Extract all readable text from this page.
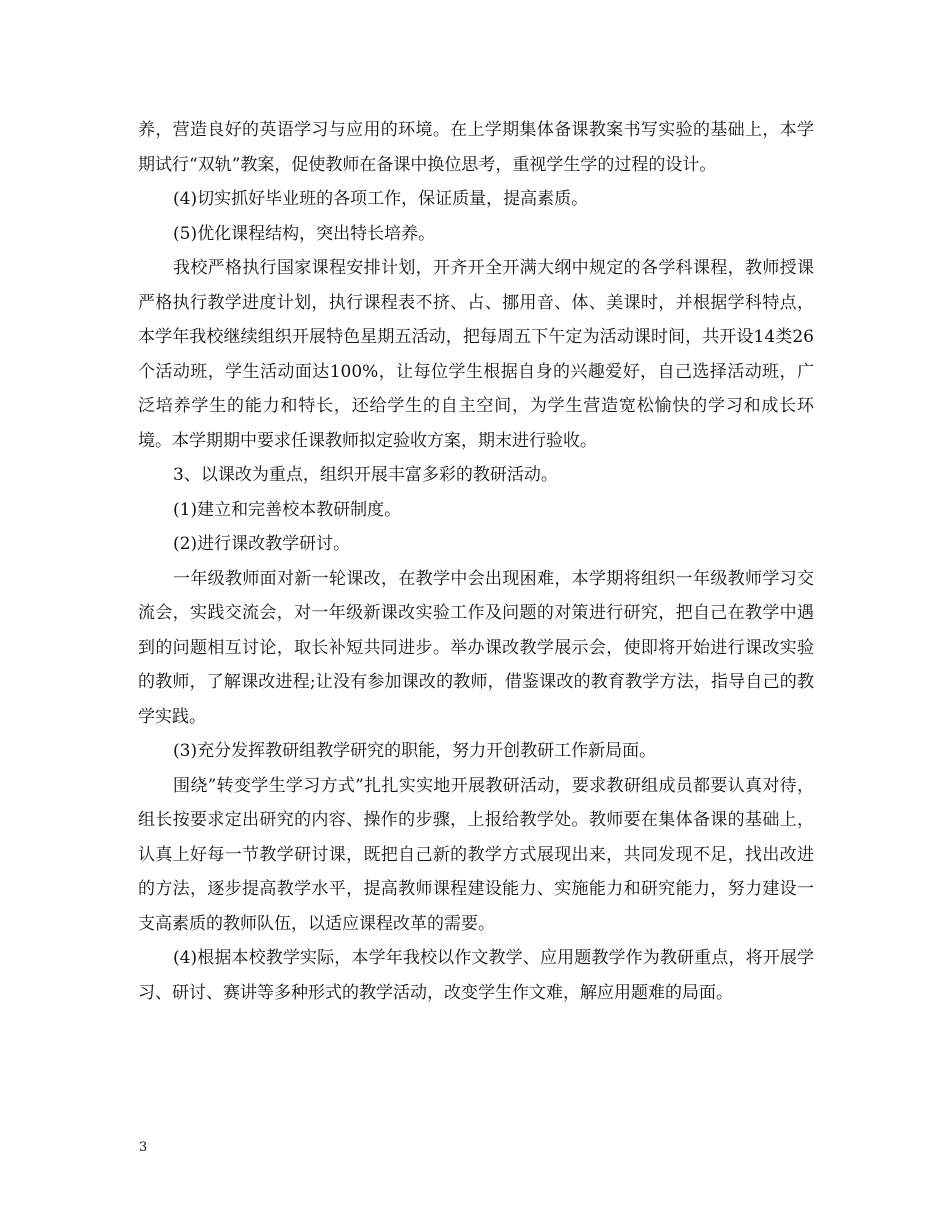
养，营造良好的英语学习与应用的环境。在上学期集体备课教案书写实验的基础上，本学期试行“双轨”教案，促使教师在备课中换位思考，重视学生学的过程的设计。

(4)切实抓好毕业班的各项工作，保证质量，提高素质。

(5)优化课程结构，突出特长培养。

我校严格执行国家课程安排计划，开齐开全开满大纲中规定的各学科课程，教师授课严格执行教学进度计划，执行课程表不挤、占、挪用音、体、美课时，并根据学科特点，本学年我校继续组织开展特色星期五活动，把每周五下午定为活动课时间，共开设14类26个活动班，学生活动面达100%，让每位学生根据自身的兴趣爱好，自己选择活动班，广泛培养学生的能力和特长，还给学生的自主空间，为学生营造宽松愉快的学习和成长环境。本学期期中要求任课教师拟定验收方案，期末进行验收。

3、以课改为重点，组织开展丰富多彩的教研活动。

(1)建立和完善校本教研制度。

(2)进行课改教学研讨。

一年级教师面对新一轮课改，在教学中会出现困难，本学期将组织一年级教师学习交流会，实践交流会，对一年级新课改实验工作及问题的对策进行研究，把自己在教学中遇到的问题相互讨论，取长补短共同进步。举办课改教学展示会，使即将开始进行课改实验的教师，了解课改进程;让没有参加课改的教师，借鉴课改的教育教学方法，指导自己的教学实践。

(3)充分发挥教研组教学研究的职能，努力开创教研工作新局面。

围绕”转变学生学习方式”扎扎实实地开展教研活动，要求教研组成员都要认真对待，组长按要求定出研究的内容、操作的步骤，上报给教学处。教师要在集体备课的基础上，认真上好每一节教学研讨课，既把自己新的教学方式展现出来，共同发现不足，找出改进的方法，逐步提高教学水平，提高教师课程建设能力、实施能力和研究能力，努力建设一支高素质的教师队伍，以适应课程改革的需要。

(4)根据本校教学实际，本学年我校以作文教学、应用题教学作为教研重点，将开展学习、研讨、赛讲等多种形式的教学活动，改变学生作文难，解应用题难的局面。

3
